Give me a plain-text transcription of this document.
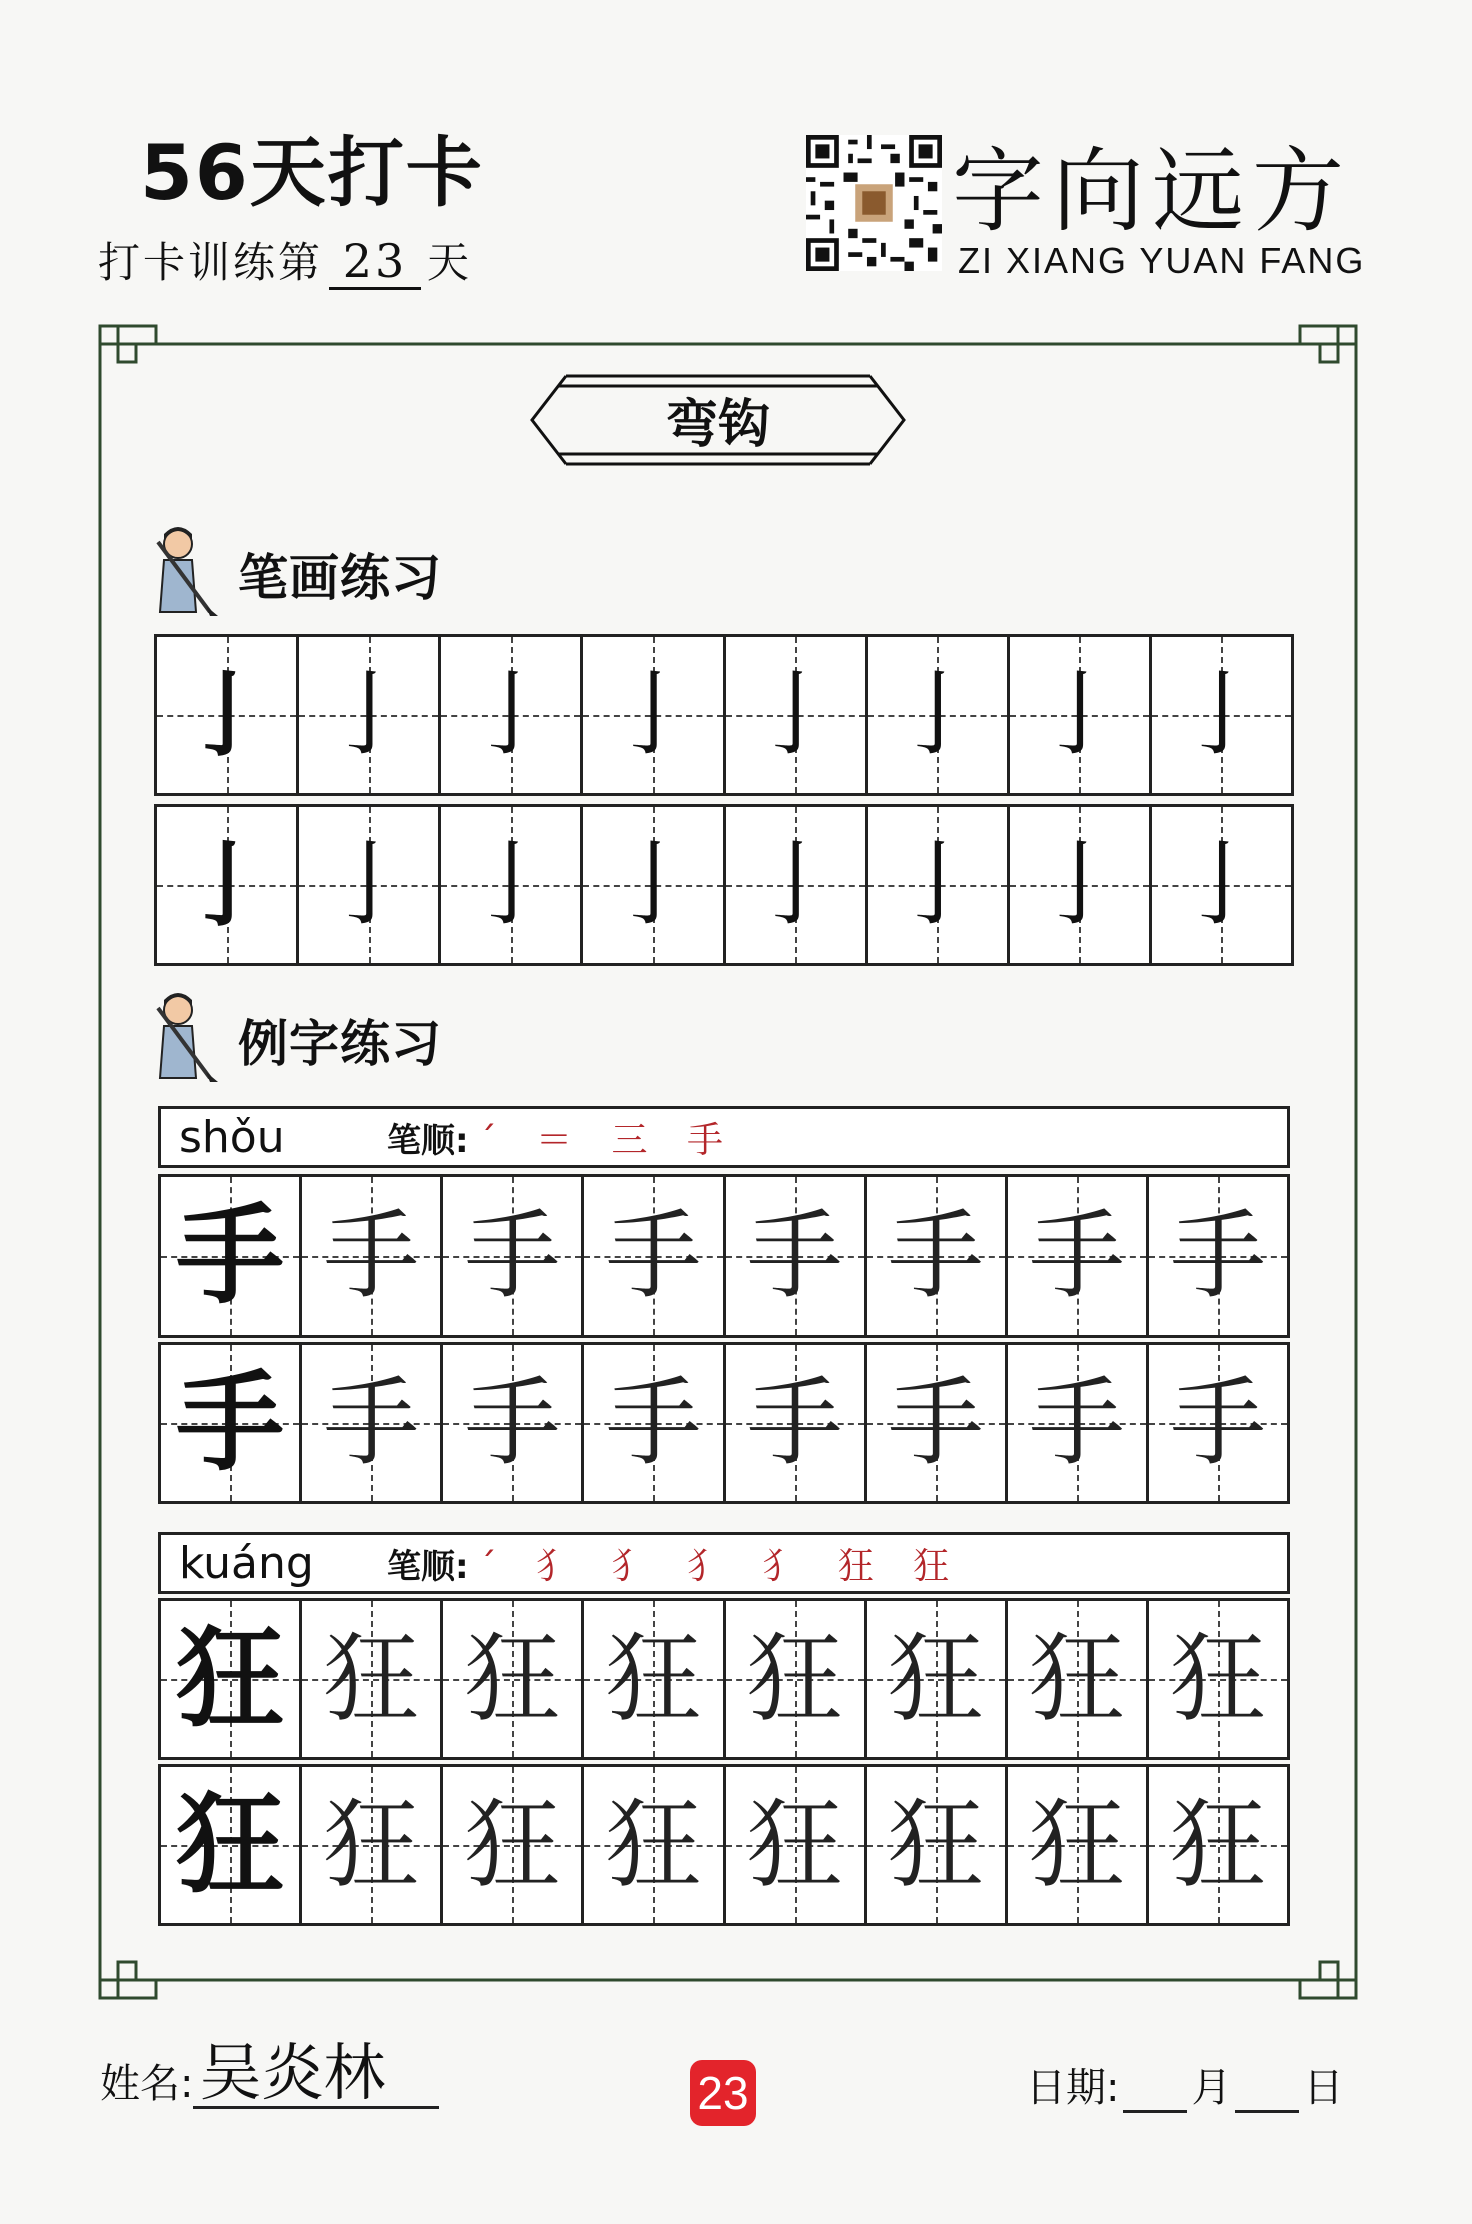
56天打卡
打卡训练第 23 天
字向远方
ZI XIANG YUAN FANG
弯钩
笔画练习
亅 亅 亅 亅 亅 亅 亅 亅
亅 亅 亅 亅 亅 亅 亅 亅
例字练习
shǒu	笔顺: ´ ＝ 三 手
手 手 手 手 手 手 手 手
手 手 手 手 手 手 手 手
kuáng	笔顺: ´ 犭 犭 犭 犭 狂 狂
狂 狂 狂 狂 狂 狂 狂 狂
狂 狂 狂 狂 狂 狂 狂 狂
姓名: 吴炎林	23	日期: 月 日
